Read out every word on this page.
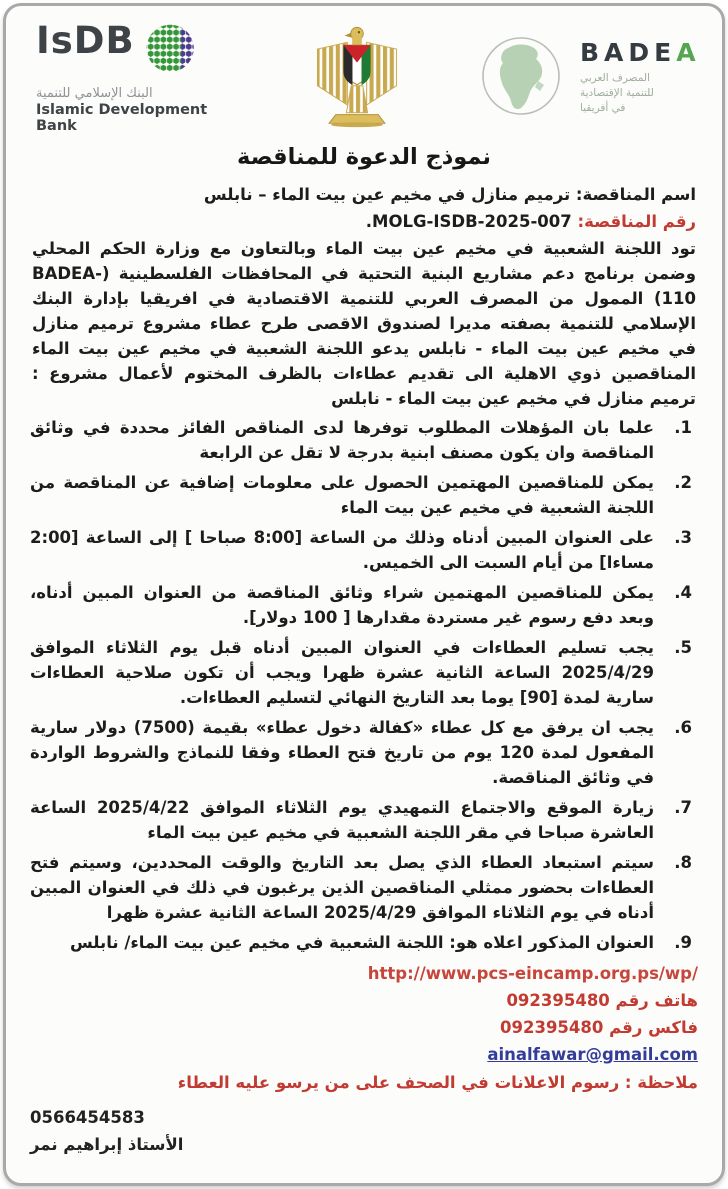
IsDB
البنك الإسلامي للتنمية
Islamic Development Bank
BADEA
المصرف العربي
للتنمية الإقتصادية
في أفريقيا
نموذج الدعوة للمناقصة
اسم المناقصة: ترميم منازل في مخيم عين بيت الماء – نابلس
رقم المناقصة: MOLG-ISDB-2025-007.

تود اللجنة الشعبية في مخيم عين بيت الماء وبالتعاون مع وزارة الحكم المحلي وضمن برنامج دعم مشاريع البنية التحتية في المحافظات الفلسطينية (BADEA-110) الممول من المصرف العربي للتنمية الاقتصادية في افريقيا بإدارة البنك الإسلامي للتنمية بصفته مديرا لصندوق الاقصى طرح عطاء مشروع ترميم منازل في مخيم عين بيت الماء - نابلس يدعو اللجنة الشعبية في مخيم عين بيت الماء المناقصين ذوي الاهلية الى تقديم عطاءات بالظرف المختوم لأعمال مشروع : ترميم منازل في مخيم عين بيت الماء - نابلس

1.
علما بان المؤهلات المطلوب توفرها لدى المناقص الفائز محددة في وثائق المناقصة وان يكون مصنف ابنية بدرجة لا تقل عن الرابعة
2.
يمكن للمناقصين المهتمين الحصول على معلومات إضافية عن المناقصة من اللجنة الشعبية في مخيم عين بيت الماء
3.
على العنوان المبين أدناه وذلك من الساعة [8:00 صباحا ] إلى الساعة [2:00 مساءا] من أيام السبت الى الخميس.
4.
يمكن للمناقصين المهتمين شراء وثائق المناقصة من العنوان المبين أدناه، وبعد دفع رسوم غير مستردة مقدارها [ 100 دولار].
5.
يجب تسليم العطاءات في العنوان المبين أدناه قبل يوم الثلاثاء الموافق 2025/4/29 الساعة الثانية عشرة ظهرا ويجب أن تكون صلاحية العطاءات سارية لمدة [90] يوما بعد التاريخ النهائي لتسليم العطاءات.
6.
يجب ان يرفق مع كل عطاء «كفالة دخول عطاء» بقيمة (7500) دولار سارية المفعول لمدة 120 يوم من تاريخ فتح العطاء وفقا للنماذج والشروط الواردة في وثائق المناقصة.
7.
زيارة الموقع والاجتماع التمهيدي يوم الثلاثاء الموافق 2025/4/22 الساعة العاشرة صباحا في مقر اللجنة الشعبية في مخيم عين بيت الماء
8.
سيتم استبعاد العطاء الذي يصل بعد التاريخ والوقت المحددين، وسيتم فتح العطاءات بحضور ممثلي المناقصين الذين يرغبون في ذلك في العنوان المبين أدناه في يوم الثلاثاء الموافق 2025/4/29 الساعة الثانية عشرة ظهرا
9.
العنوان المذكور اعلاه هو: اللجنة الشعبية في مخيم عين بيت الماء/ نابلس
http://www.pcs-eincamp.org.ps/wp/
هاتف رقم 092395480
فاكس رقم 092395480
ainalfawar@gmail.com
ملاحظة : رسوم الاعلانات في الصحف على من يرسو عليه العطاء
0566454583
الأستاذ إبراهيم نمر
